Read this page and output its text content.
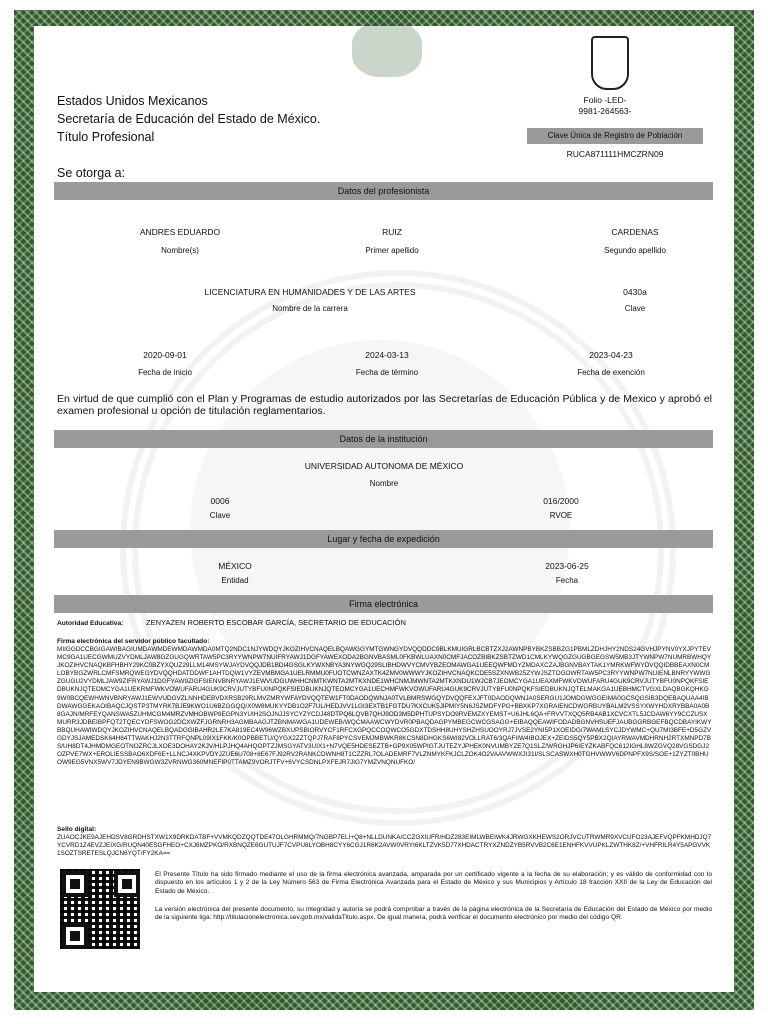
Estados Unidos Mexicanos
Secretaría de Educación del Estado de México.
Título Profesional
Se otorga a:
Folio -LED-
9981-264563-
Clave Única de Registro de Población
RUCA871111HMCZRN09
Datos del profesionista
ANDRES EDUARDO
Nombre(s)
RUIZ
Primer apellido
CARDENAS
Segundo apellido
LICENCIATURA EN HUMANIDADES Y DE LAS ARTES
Nombre de la carrera
0430a
Clave
2020-09-01
Fecha de inicio
2024-03-13
Fecha de término
2023-04-23
Fecha de exención
En virtud de que cumplió con el Plan y Programas de estudio autorizados por las Secretarías de Educación Pública y de Mexico y aprobó el examen profesional u opción de titulación reglamentarios.
Datos de la institución
UNIVERSIDAD AUTONOMA DE MÉXICO
Nombre
0006
Clave
016/2000
RVOE
Lugar y fecha de expedición
MÉXICO
Entidad
2023-06-25
Fecha
Firma electrónica
Autoridad Educativa:	ZENYAZEN ROBERTO ESCOBAR GARCÍA, SECRETARIO DE EDUCACIÓN
Firma electrónica del servidor público facultado:
MIIGGDCCBGIGAWIBAGIUMDAWMDEWMDAWMDA0MTQ2NDC1NJYWDQYJKOZIHVCNAQELBQAWGGYMTGWNGYDVQQDDC9BLKMUIGRLBCBTZXJ2AWNPBYBKZSBBZG1PBMLZDHJHY2NDS24GVHJPYNV0YXJPYTEVMC9GA1UECGWMUZVYDMLJAW8GZGUGQWRTAW5PC3RYYWNPW7NUIFRYAWJ1DGFYAWEXODA2BGNVBASML0FKBWLUAXN0CMFJACOZBIBKZSBTZWD1CMLKYWQGZGUGBGEGSW5MB3JTYWNPW7NUMRBWHQYJKOZIHVCNAQKBFHBHY29KC0BZYXQUZ29LLM14MSYWJAYDVQQJDB1BDI4GSGLKYWXNBYA3NYWGQ29SLIBHDWVYCMVYBZEOMAWGA1UEEQWFMDYZMDAXCZAJBGNVBAYTAK1YMRKWFWYDVQQIDBBEAXN0CMLOBYBGZWRLCMFSMRQWEGYDVQQHDATDDWF1AHTDQW1VYZEVMBMGA1UELRMMU0FUOTCWNZAXTK4ZMV0WWWYJKOZIHVCNAQKCDE5SZXNWB25ZYWJSZTOGOWRTAW5PC3RYYWNPW7NUIENLBNRYYWWGZGUGU2VYDMLJAW9ZIFRYAWJ1DGFYAW9ZIGFSIENVBNRYAWJ1EWVUDGUWHHCNMTKWNTA2MTKXNDE1WHCNMJMWNTA2MTKXNDU1WJCB7JEOMCYGA1UEAXMFWKVOWUFARU4GUK9CRVJUTYBFU0NPQKFSIEDBUKNJQTEOMCYGA1UEKRMFWKVOWUFARU4GUK9CRVJUTYBFU0NPQKFSIEDBUKNJQTEOMCYGA1UECHMFWKVOWUFARU4GUK9CRVJUTYBFU0NPQKFSIEDBUKNJQTELMAKGA1UEBHMCTVGXLDAQBGKQHKG9W0BCQEWHWNVBNRYAWJ1EWVUDGVZLNNHDEBVDXRSB29RLMVZMRYWFAYDVQQTEW1FT0DAODQWNJA0TVLBMRSWGQYDVQQFEXJFT0DAODQWNJA0SERGU1JOMDGWGGEIMA0GCSQGSIB3DQEBAQUAA4IBDWAWGGEKAOIBAQCJQSTP3TMYRK7BJE9KWO1U6BZGGQQ/X0W8MUKYYDB1O2F7UL/HEDJVV1LGI3EXTB1FGTDU7KXCUK5JIPMIY5N6JSZMDFYPG+BBXKP7XGRAIENCDWGRBUYBALM2VSSYXWYHDXRYBBA0A0B8GAJN/MRFEYQANSWA5ZUHMCGM4MRZVMHOBWP8EGPN3YUIH2SOJNJJSYCYZYCDJ48DTPQ6LQVB7QHJ9OD3M5DPHTUPSYDO9RVEMZXYEMST+U6JHL6QA+FRVVTXQQ5RB4AB1XCVCXTL5JCDAW6YY9CCZUSXMURR3JDBEIBPFQT2TQECYDFSWOG2DCXWZFJGRNRH3AGMBAAGJTZBNMAWGA1UDEWEB/WQCMAAWCWYDVR0PBAQDAGPYMBEGCWCGSAGG+EIBAQQEAWIFODADBGNVHSUEFJAUBGGRBGEFBQCDBAYIKWYBBQUHAWIWDQYJKOZIHVCNAQELBQADGGIBAHR2LE7KA819EC4W96WZBXUPSBIORVYCF1RFCXGPQCCOQWCO5GDXTDSHH8UHYSHZHSUOOYRJ7JVSE2YNI5P1XOEIDG/7WAMLSYCJDYWMC+QU7MI3BFE+D5GZVGDYJSJAMEDSK64H84TTWAKHJ2N3TTRFQNPL09IX1FKK/K0OPBBETU/QYGX2ZZTQPJ7RAF8PYCSVEMJMBWKR8KCSN8DHGKS6WI82VOLLRAT6/3QAFIIW4IBOJEX+ZEIDS5QY5PBX2QIAYRWAVMDHRNH2RTXMNPD7BS/UH8DT4JHMDMGEOTNOZRCJLXOE3DOHAY2KJV/HLPJHQ4AHQOPTZJMSGYATV3UIX1+N7VQE5HDESEZTB+GP9X05WPIGTJUTEZYJPHEK0NVUMBYZE7Q1SLZ/WRGHJP6IEYZKABFQC612IGHL8WZGVQ28VGSDGJ2OZPVE7WX+EROLIESSBAO6XDF6E+LLNCJ4XKPVDYJZUE6U708+8E67FJ92RV2RANKCDWNH8T1CZZRL7OLADEMRF7VLZNMYKFKJCLZOK4O2VAAVWWXJI31I/SLSCASWXH0TGHVWWV6DPNPFX9S/SOE+1ZYZT0BHUOW9EG5VNX5WV7JDYEN9BWGW3ZVRNWG360MNEFIP0TTAMZ9VORJTFV+6VYCSDNLPXFEJR7JIG7YMZVNQNUFKO/
Sello digital:
ZUAOCJKE9AJEHDSV8GRDHSTXW1X9DRKDATBF+VVMKQDZQQTDE47OLGHRMMQ/7NGBP7ELI+Q8+NLLDUNKA/CCZGXIUFR/HDZ283EIMLWBEIWK4JRWGXKHEWS2ORJVCUTRWMR9XVCUFO23AJEFVQPFKMHDJQ7YCVRD1Z4EVZJEIXG/RUQN40ESGFHEO+CXJ6MZPKO/RXBNQZE6GUTUJF7CVPU8LYOBH8CYY6CGJ1R6K2AVW0VRYI6KLTZVK5D77XHDACTRYXZNDZYB5RVVB2C6E1ENHFKVVUPKLZWTHK8Z/+VHFRILR4Y5APGVVK1SOZTSRETESLQJCN6YQT/FY2KA==
El Presente Título ha sido firmado mediante el uso de la firma electrónica avanzada, amparada por un certificado vigente a la fecha de su elaboración; y es válido de conformidad con lo dispuesto en los artículos 1 y 2 de la Ley Número 563 de Firma Electrónica Avanzada para el Estado de México y sus Municipios y Artículo 18 fracción XXII de la Ley de Educación del Estado de México.
La versión electrónica del presente documento, su integridad y autoría se podrá comprobar a través de la página electrónica de la Secretaría de Educación del Estado de México por medio de la siguiente liga: http://titulacionelectronica.sev.gob.mx/validaTitulo.aspx. De igual manera, podrá verificar el documento electrónico por medio del código QR.
